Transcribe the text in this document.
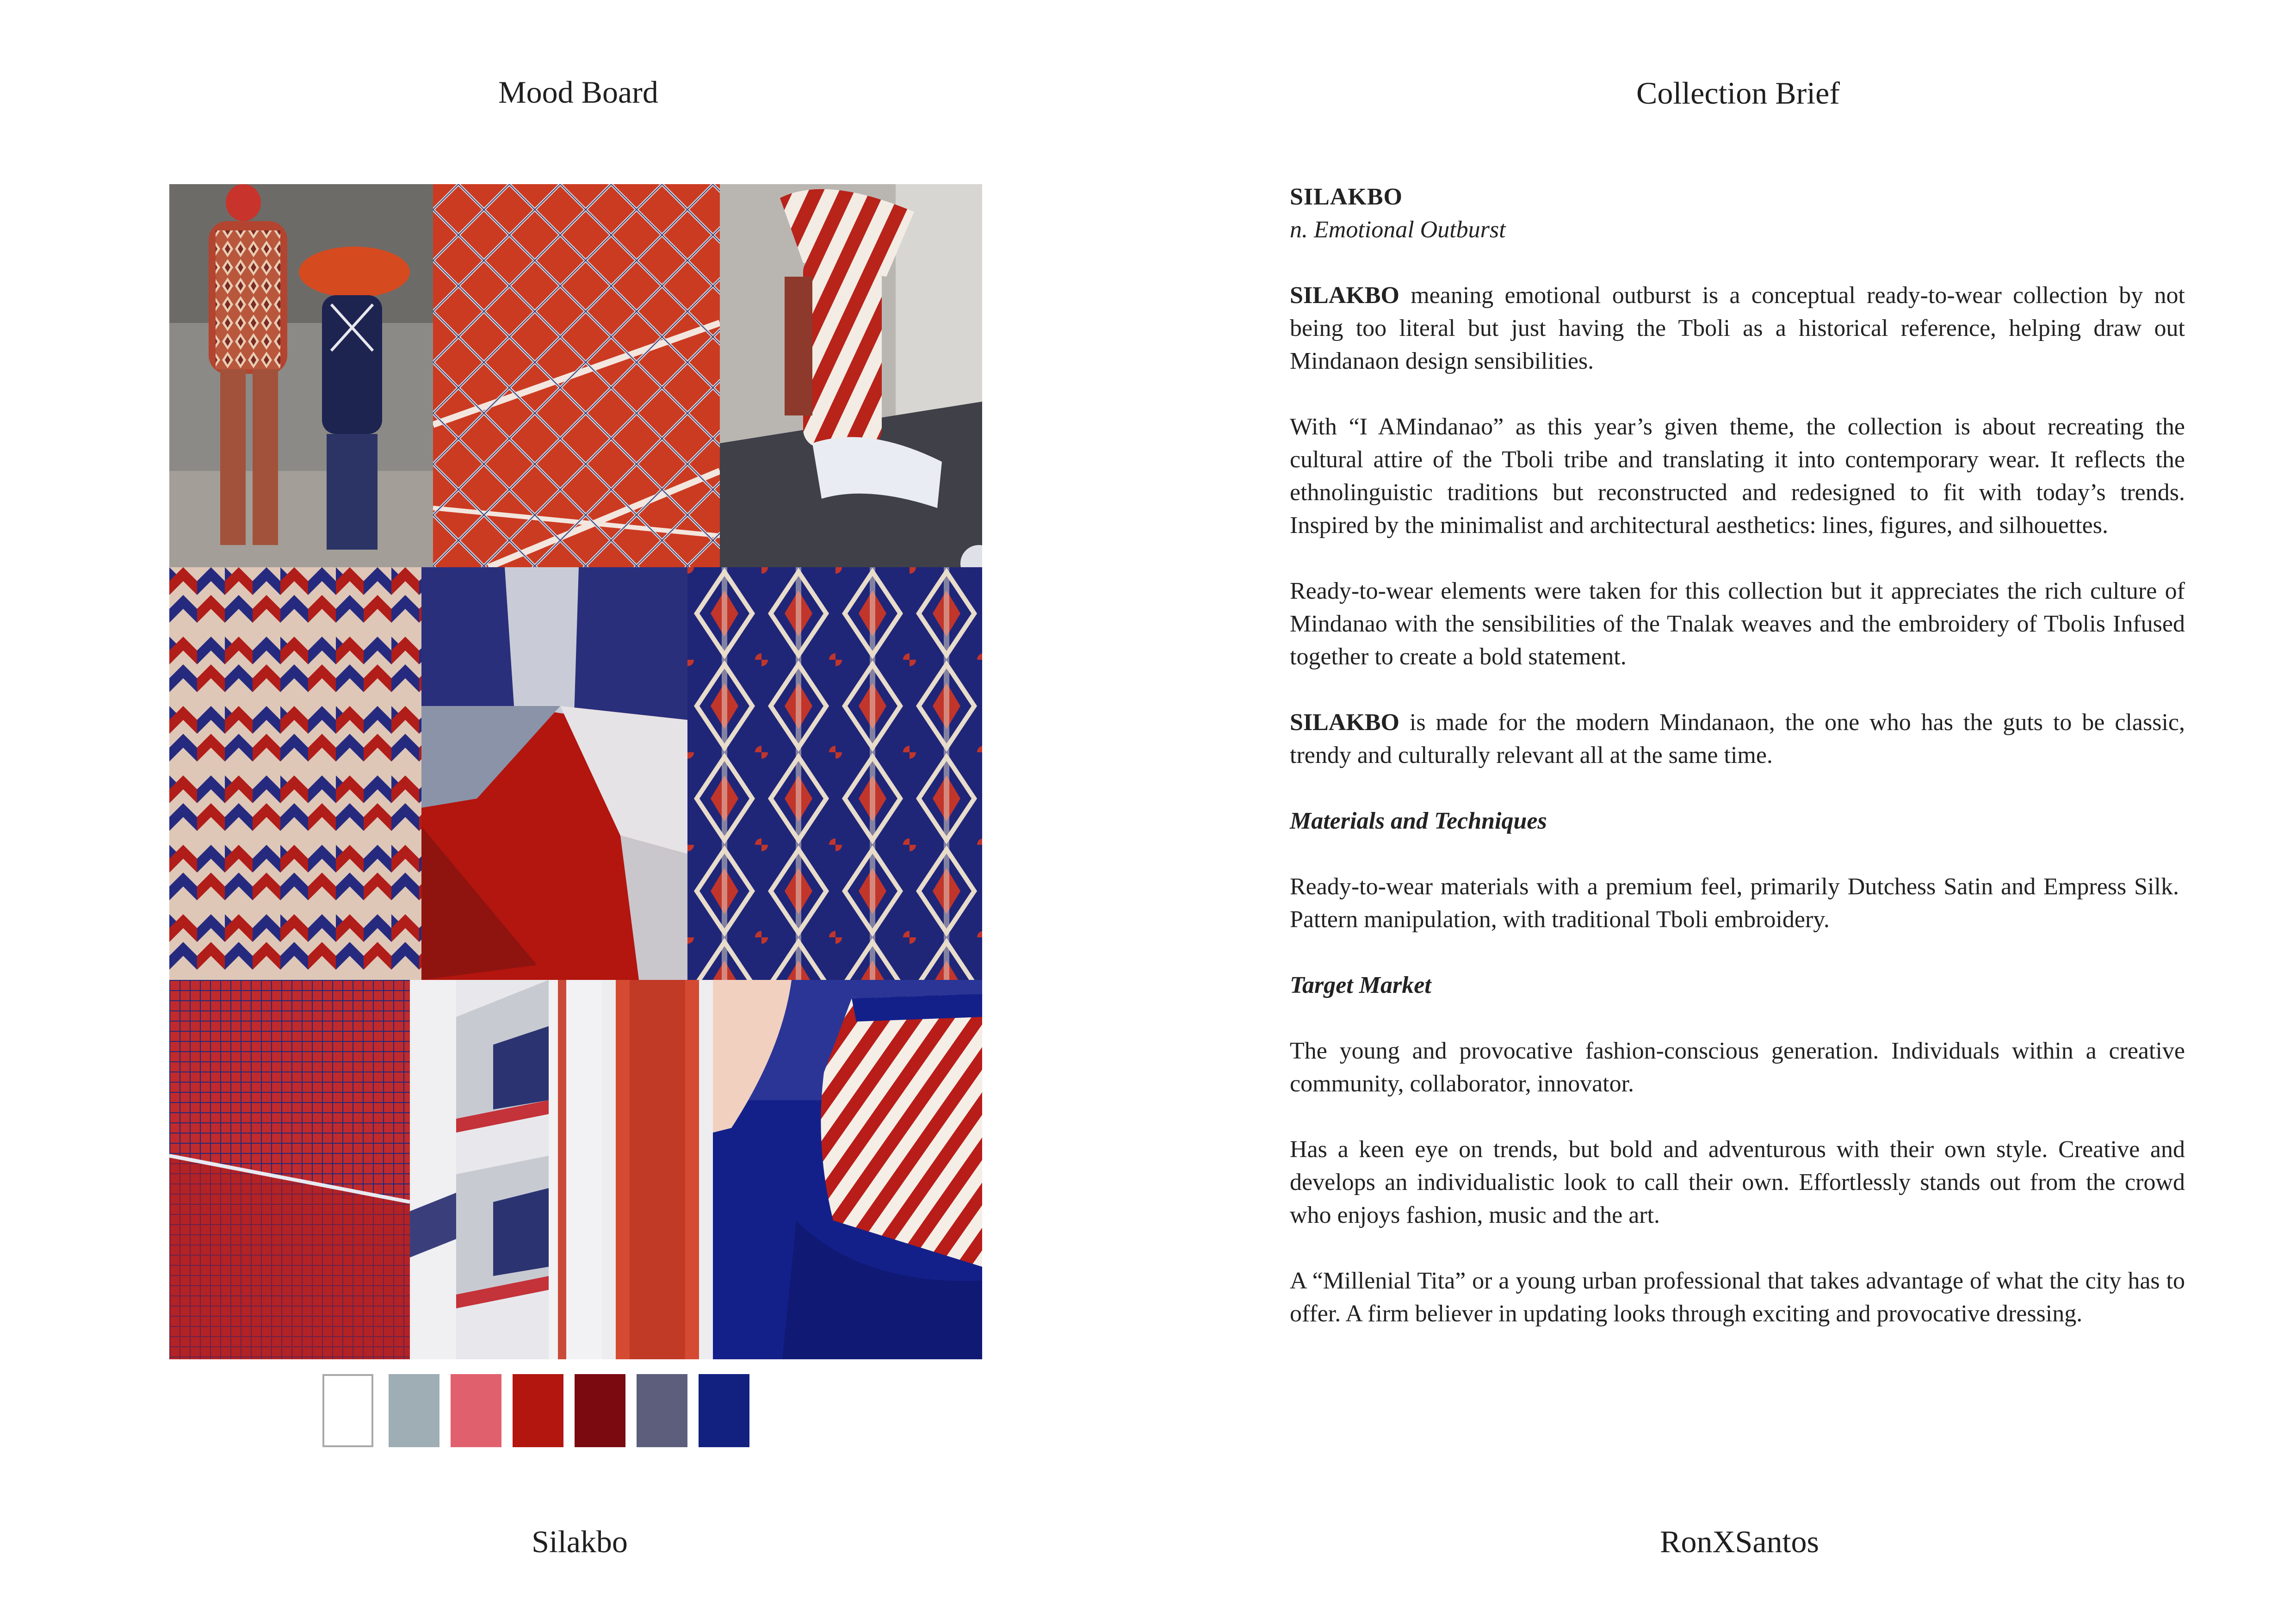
Mood Board
Silakbo
Collection Brief

SILAKBO

n. Emotional Outburst

SILAKBO meaning emotional outburst is a conceptual ready-to-wear collection by not being too literal but just having the Tboli as a historical reference, helping draw out Mindanaon design sensibilities.

With “I AMindanao” as this year’s given theme, the collection is about recreating the cultural attire of the Tboli tribe and translating it into contemporary wear. It reflects the ethnolinguistic traditions but reconstructed and redesigned to fit with today’s trends. Inspired by the minimalist and architectural aesthetics: lines, figures, and silhouettes.

Ready-to-wear elements were taken for this collection but it appreciates the rich culture of Mindanao with the sensibilities of the Tnalak weaves and the embroidery of Tbolis Infused together to create a bold statement.

SILAKBO is made for the modern Mindanaon, the one who has the guts to be classic, trendy and culturally relevant all at the same time.

Materials and Techniques

Ready-to-wear materials with a premium feel, primarily Dutchess Satin and Empress Silk. Pattern manipulation, with traditional Tboli embroidery.

Target Market

The young and provocative fashion-conscious generation. Individuals within a creative community, collaborator, innovator.

Has a keen eye on trends, but bold and adventurous with their own style. Creative and develops an individualistic look to call their own. Effortlessly stands out from the crowd who enjoys fashion, music and the art.

A “Millenial Tita” or a young urban professional that takes advantage of what the city has to offer. A firm believer in updating looks through exciting and provocative dressing.

RonXSantos
